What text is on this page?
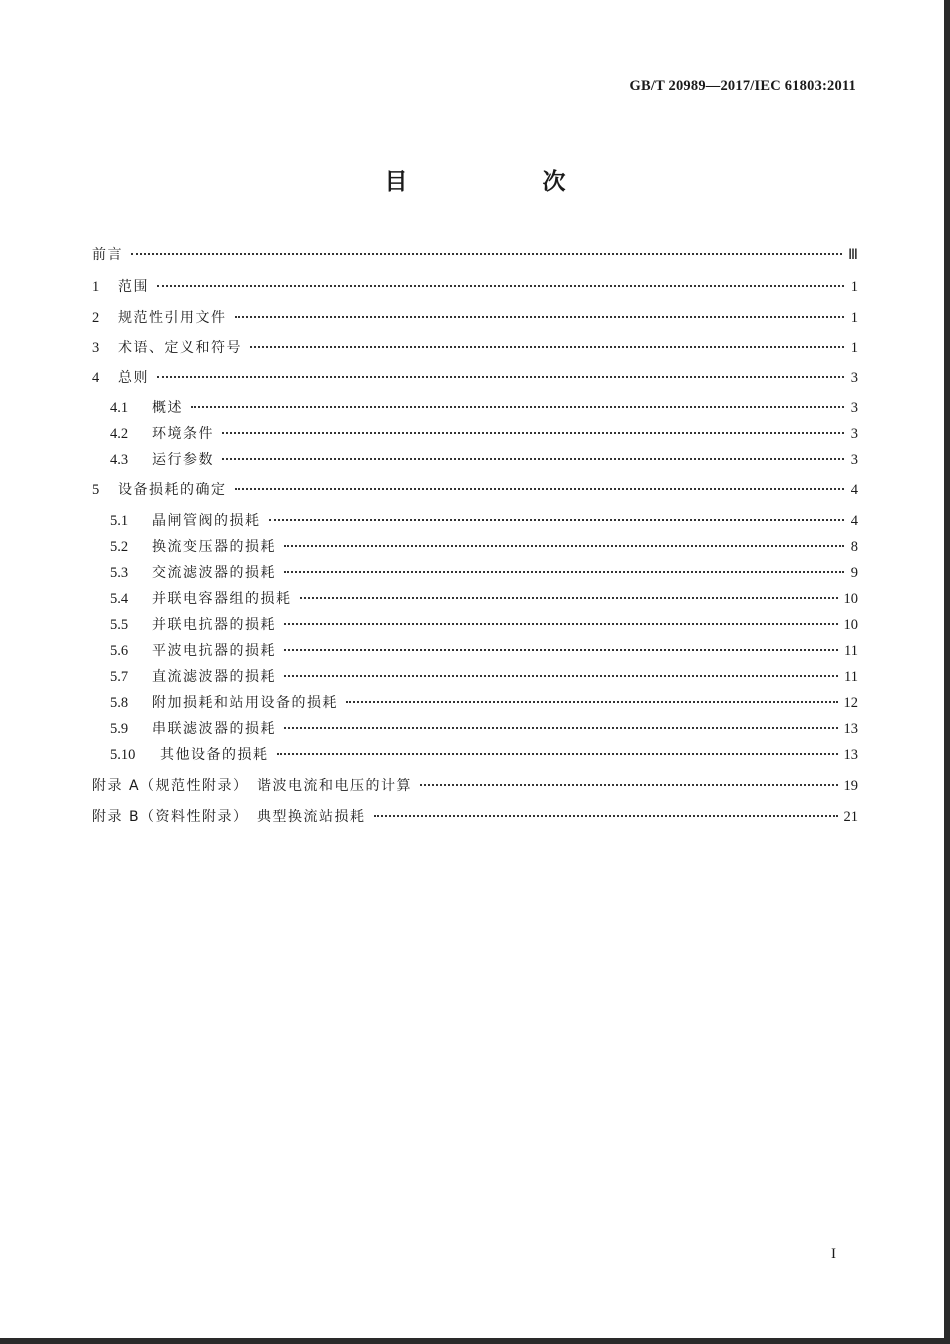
GB/T 20989—2017/IEC 61803:2011
目　次
前言	Ⅲ
1	范围	1
2	规范性引用文件	1
3	术语、定义和符号	1
4	总则	3
4.1	概述	3
4.2	环境条件	3
4.3	运行参数	3
5	设备损耗的确定	4
5.1	晶闸管阀的损耗	4
5.2	换流变压器的损耗	8
5.3	交流滤波器的损耗	9
5.4	并联电容器组的损耗	10
5.5	并联电抗器的损耗	10
5.6	平波电抗器的损耗	11
5.7	直流滤波器的损耗	11
5.8	附加损耗和站用设备的损耗	12
5.9	串联滤波器的损耗	13
5.10	其他设备的损耗	13
附录 A（规范性附录）　谐波电流和电压的计算	19
附录 B（资料性附录）　典型换流站损耗	21
I
